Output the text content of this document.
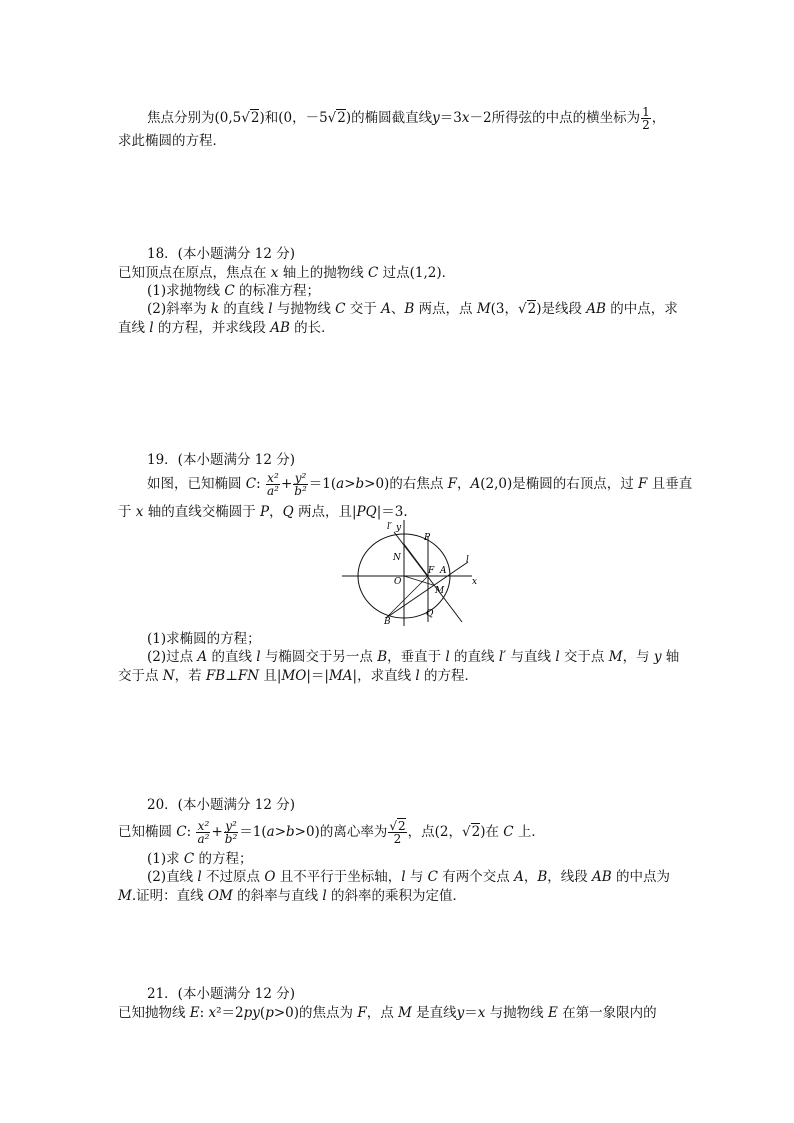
焦点分别为(0,5√2)和(0，－5√2)的椭圆截直线y＝3x－2所得弦的中点的横坐标为 $\frac{1}{2}$ ，
求此椭圆的方程．
18．(本小题满分 12 分)
已知顶点在原点，焦点在 x 轴上的抛物线 C 过点(1,2)．
(1)求抛物线 C 的标准方程；
(2)斜率为 k 的直线 l 与抛物线 C 交于 A、B 两点，点 M(3，√2)是线段 AB 的中点，求
直线 l 的方程，并求线段 AB 的长．
19．(本小题满分 12 分)
如图，已知椭圆 C: $\frac{\text{x²}}{\text{a²}} + \frac{\text{y²}}{\text{b²}} =1(a>b>0)$的右焦点 F，A(2,0)是椭圆的右顶点，过 F 且垂直
于 x 轴的直线交椭圆于 P，Q 两点，且|PQ|＝3.
l′ y
P
N	l
O
F A
x
M
B
Q
(1)求椭圆的方程；
(2)过点 A 的直线 l 与椭圆交于另一点 B，垂直于 l 的直线 l′ 与直线 l 交于点 M，与 y 轴
交于点 N，若 FB⊥FN 且|MO|＝|MA|，求直线 l 的方程．
20．(本小题满分 12 分)
已知椭圆 C: $\frac{\text{x²}}{\text{a²}} + \frac{\text{y²}}{\text{b²}} =1(a>b>0)$的离心率为 $\frac{√2}{2}$ ，点(2，√2)在 C 上．
(1)求 C 的方程；
(2)直线 l 不过原点 O 且不平行于坐标轴，l 与 C 有两个交点 A，B，线段 AB 的中点为
M.证明：直线 OM 的斜率与直线 l 的斜率的乘积为定值．
21．(本小题满分 12 分)
已知抛物线 E: x²＝2py(p>0)的焦点为 F，点 M 是直线y＝x 与抛物线 E 在第一象限内的
